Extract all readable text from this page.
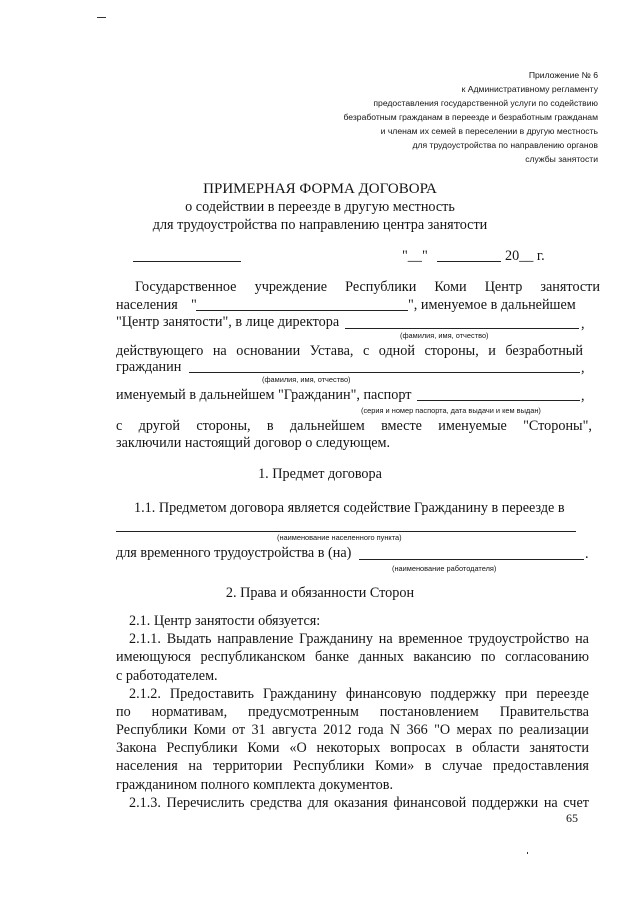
Приложение № 6
к Административному регламенту
предоставления государственной услуги по содействию
безработным гражданам в переезде и безработным гражданам
и членам их семей в переселении в другую местность
для трудоустройства по направлению органов
службы занятости
ПРИМЕРНАЯ ФОРМА ДОГОВОРА
о содействии в переезде в другую местность
для трудоустройства по направлению центра занятости
"__"	20__ г.
Государственное учреждение Республики Коми Центр занятости
населения "	", именуемое в дальнейшем
"Центр занятости", в лице директора	,
(фамилия, имя, отчество)
действующего на основании Устава, с одной стороны, и безработный
гражданин	,
(фамилия, имя, отчество)
именуемый в дальнейшем "Гражданин", паспорт	,
(серия и номер паспорта, дата выдачи и кем выдан)
с другой стороны, в дальнейшем вместе именуемые "Стороны",
заключили настоящий договор о следующем.
1. Предмет договора
1.1. Предметом договора является содействие Гражданину в переезде в
(наименование населенного пункта)
для временного трудоустройства в (на)	.
(наименование работодателя)
2. Права и обязанности Сторон
2.1. Центр занятости обязуется:
2.1.1. Выдать направление Гражданину на временное трудоустройство на
имеющуюся республиканском банке данных вакансию по согласованию
с работодателем.
2.1.2. Предоставить Гражданину финансовую поддержку при переезде
по нормативам, предусмотренным постановлением Правительства
Республики Коми от 31 августа 2012 года N 366 "О мерах по реализации
Закона Республики Коми «О некоторых вопросах в области занятости
населения на территории Республики Коми» в случае предоставления
гражданином полного комплекта документов.
2.1.3. Перечислить средства для оказания финансовой поддержки на счет
65
